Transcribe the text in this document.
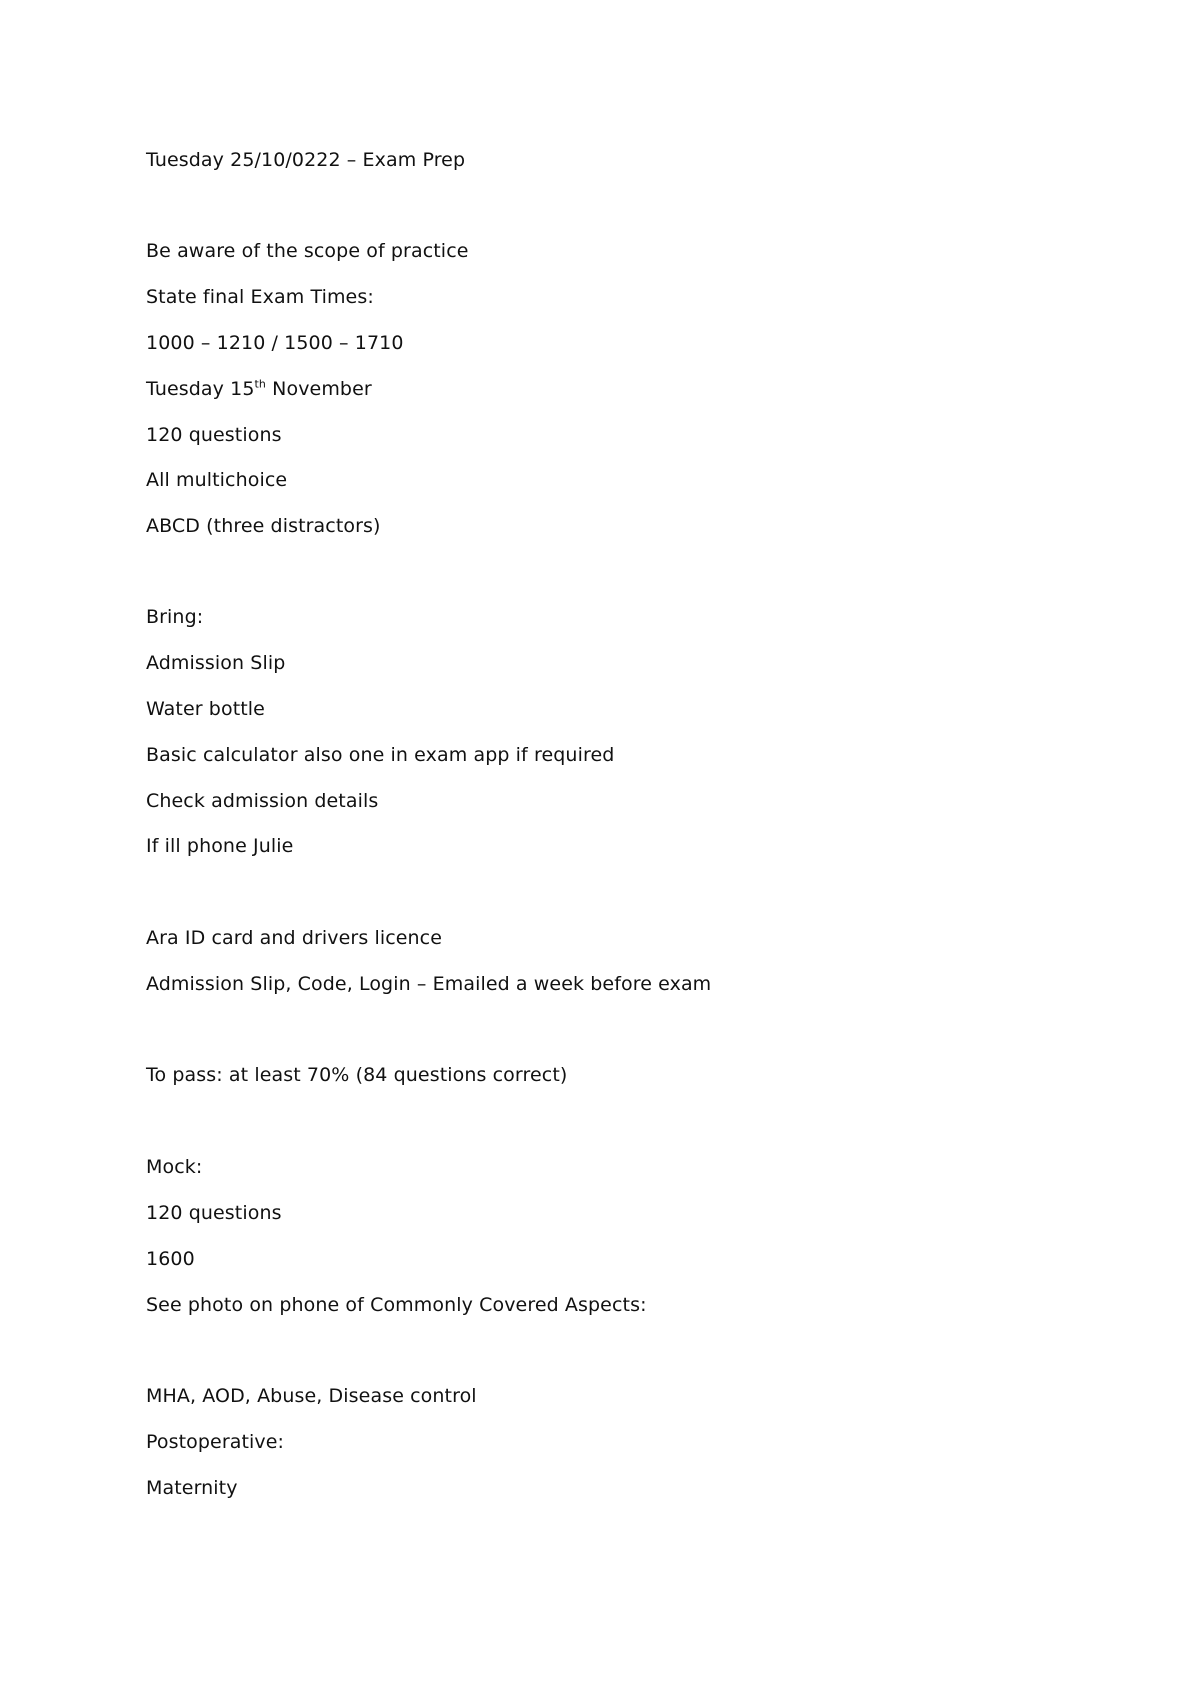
Tuesday 25/10/0222 – Exam Prep
Be aware of the scope of practice
State final Exam Times:
1000 – 1210 / 1500 – 1710
Tuesday 15th November
120 questions
All multichoice
ABCD (three distractors)
Bring:
Admission Slip
Water bottle
Basic calculator also one in exam app if required
Check admission details
If ill phone Julie
Ara ID card and drivers licence
Admission Slip, Code, Login – Emailed a week before exam
To pass: at least 70% (84 questions correct)
Mock:
120 questions
1600
See photo on phone of Commonly Covered Aspects:
MHA, AOD, Abuse, Disease control
Postoperative:
Maternity
